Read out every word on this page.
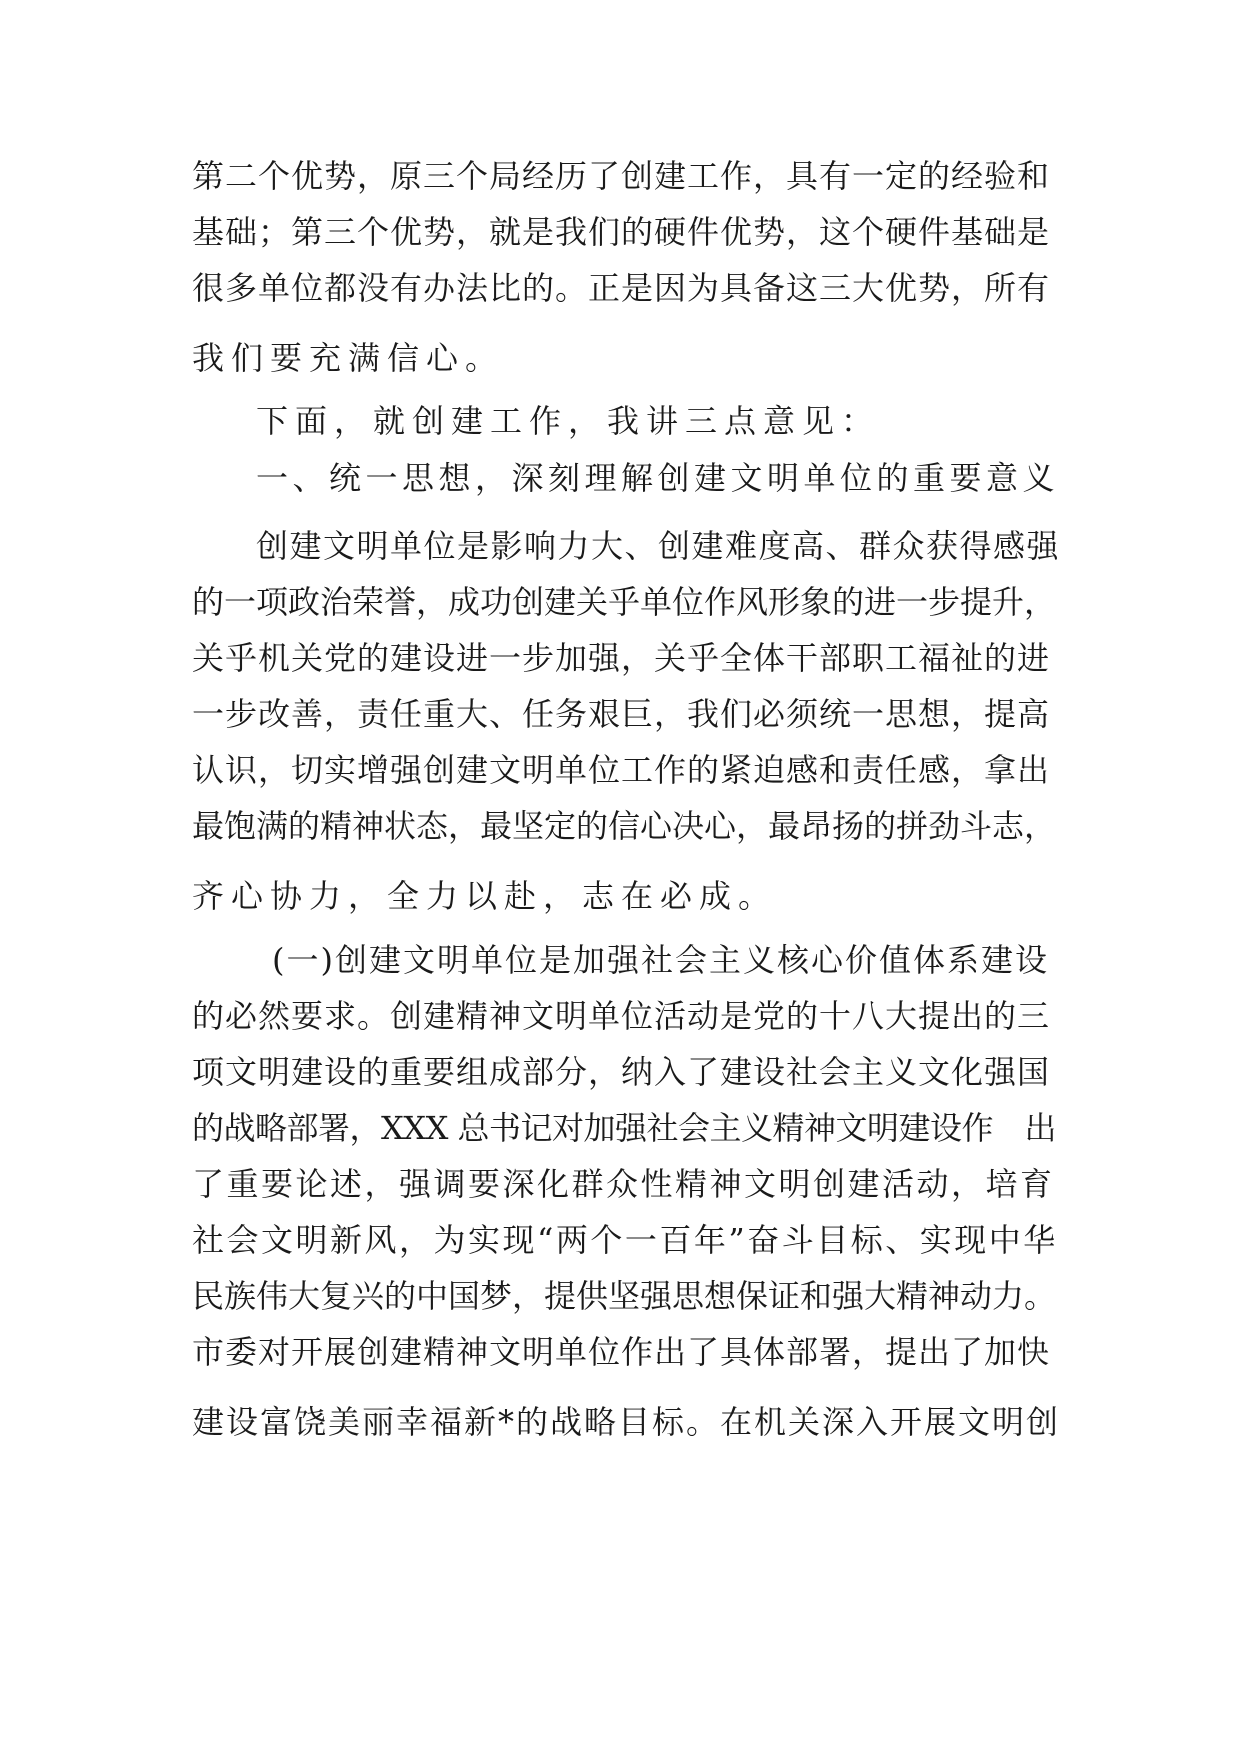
第二个优势，原三个局经历了创建工作，具有一定的经验和

基础；第三个优势，就是我们的硬件优势，这个硬件基础是

很多单位都没有办法比的。正是因为具备这三大优势，所有

我们要充满信心。

下面，就创建工作，我讲三点意见：

一、统一思想，深刻理解创建文明单位的重要意义

创建文明单位是影响力大、创建难度高、群众获得感强

的一项政治荣誉，成功创建关乎单位作风形象的进一步提升，

关乎机关党的建设进一步加强，关乎全体干部职工福祉的进

一步改善，责任重大、任务艰巨，我们必须统一思想，提高

认识，切实增强创建文明单位工作的紧迫感和责任感，拿出

最饱满的精神状态，最坚定的信心决心，最昂扬的拼劲斗志，

齐心协力，全力以赴，志在必成。

(一)创建文明单位是加强社会主义核心价值体系建设

的必然要求。创建精神文明单位活动是党的十八大提出的三

项文明建设的重要组成部分，纳入了建设社会主义文化强国

的战略部署，XXX 总书记对加强社会主义精神文明建设作　出

了重要论述，强调要深化群众性精神文明创建活动，培育

社会文明新风，为实现“两个一百年”奋斗目标、实现中华

民族伟大复兴的中国梦，提供坚强思想保证和强大精神动力。

市委对开展创建精神文明单位作出了具体部署，提出了加快

建设富饶美丽幸福新*的战略目标。在机关深入开展文明创
